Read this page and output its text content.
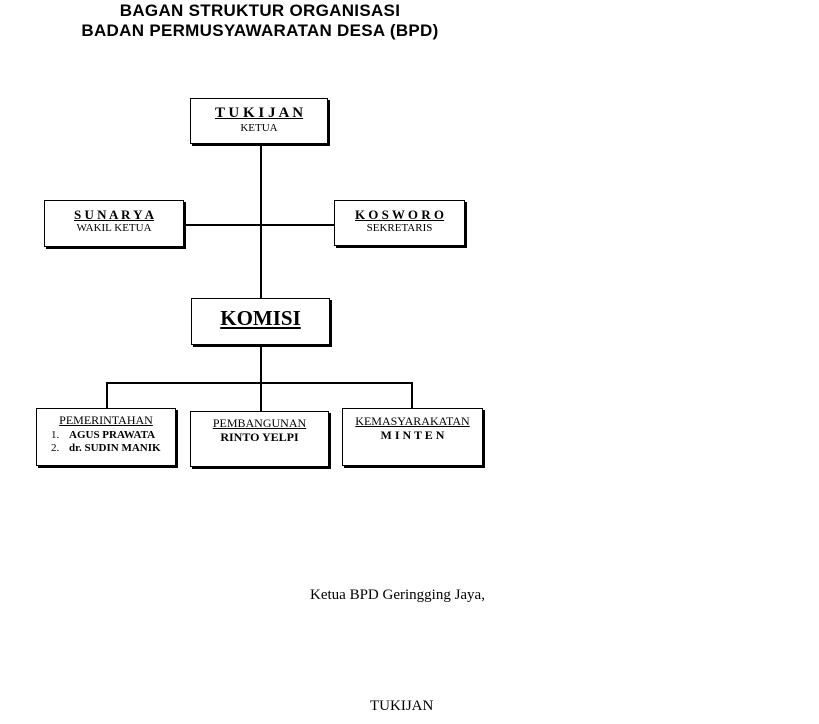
BAGAN STRUKTUR ORGANISASI
BADAN PERMUSYAWARATAN DESA (BPD)
T U K I J A N
KETUA
S U N A R Y A
WAKIL KETUA
K O S W O R O
SEKRETARIS
KOMISI
PEMERINTAHAN
1. AGUS PRAWATA
2. dr. SUDIN MANIK
PEMBANGUNAN
RINTO YELPI
KEMASYARAKATAN
M I N T E N
Ketua BPD Geringging Jaya,
TUKIJAN
